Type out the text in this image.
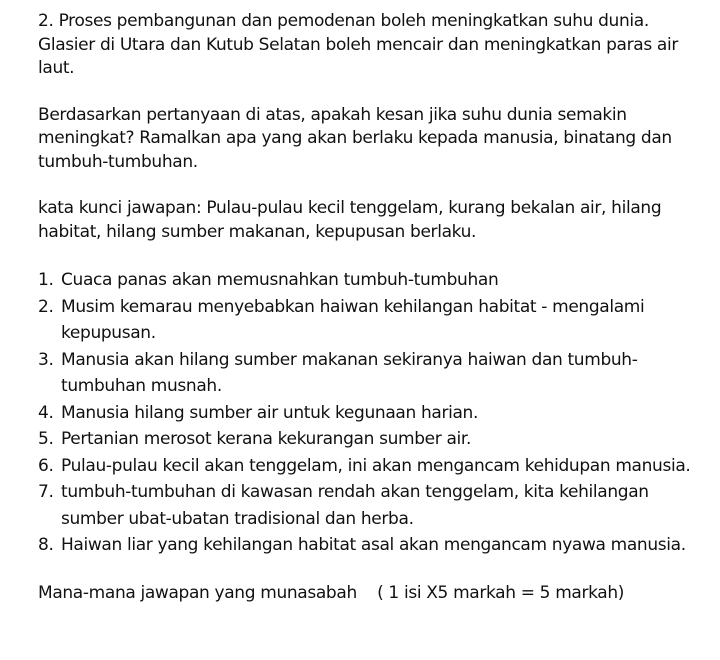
2. Proses pembangunan dan pemodenan boleh meningkatkan suhu dunia. Glasier di Utara dan Kutub Selatan boleh mencair dan meningkatkan paras air laut.

Berdasarkan pertanyaan di atas, apakah kesan jika suhu dunia semakin meningkat? Ramalkan apa yang akan berlaku kepada manusia, binatang dan tumbuh-tumbuhan.

kata kunci jawapan: Pulau-pulau kecil tenggelam, kurang bekalan air, hilang habitat, hilang sumber makanan, kepupusan berlaku.

1. Cuaca panas akan memusnahkan tumbuh-tumbuhan
2. Musim kemarau menyebabkan haiwan kehilangan habitat - mengalami kepupusan.
3. Manusia akan hilang sumber makanan sekiranya haiwan dan tumbuh-tumbuhan musnah.
4. Manusia hilang sumber air untuk kegunaan harian.
5. Pertanian merosot kerana kekurangan sumber air.
6. Pulau-pulau kecil akan tenggelam, ini akan mengancam kehidupan manusia.
7. tumbuh-tumbuhan di kawasan rendah akan tenggelam, kita kehilangan sumber ubat-ubatan tradisional dan herba.
8. Haiwan liar yang kehilangan habitat asal akan mengancam nyawa manusia.

Mana-mana jawapan yang munasabah ( 1 isi X5 markah = 5 markah)
